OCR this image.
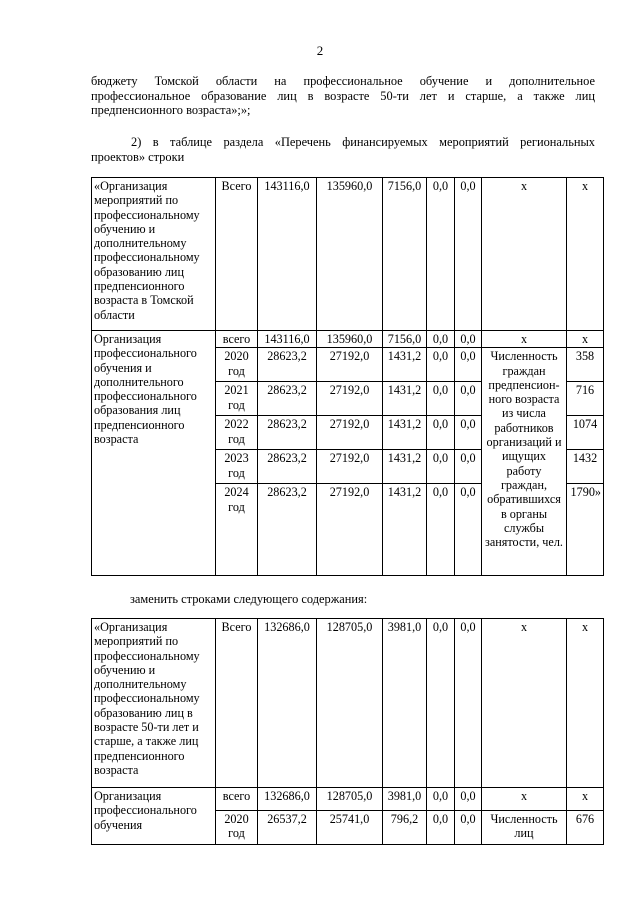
2
бюджету Томской области на профессиональное обучение и дополнительное
профессиональное образование лиц в возрасте 50-ти лет и старше, а также лиц
предпенсионного возраста»;»;
2) в таблице раздела «Перечень финансируемых мероприятий региональных
проектов» строки
«Организация мероприятий по профессиональному обучению и дополнительному профессиональному образованию лиц предпенсионного возраста в Томской области	Всего	143116,0	135960,0	7156,0	0,0	0,0	х	х
Организация профессионального обучения и дополнительного профессионального образования лиц предпенсионного возраста	всего	143116,0	135960,0	7156,0	0,0	0,0	х	х
	2020 год	28623,2	27192,0	1431,2	0,0	0,0	Численность граждан предпенсион-ного возраста из числа работников организаций и ищущих работу граждан, обратившихся в органы службы занятости, чел.	358
	2021 год	28623,2	27192,0	1431,2	0,0	0,0		716
	2022 год	28623,2	27192,0	1431,2	0,0	0,0		1074
	2023 год	28623,2	27192,0	1431,2	0,0	0,0		1432
	2024 год	28623,2	27192,0	1431,2	0,0	0,0		1790»
заменить строками следующего содержания:
«Организация мероприятий по профессиональному обучению и дополнительному профессиональному образованию лиц в возрасте 50-ти лет и старше, а также лиц предпенсионного возраста	Всего	132686,0	128705,0	3981,0	0,0	0,0	х	х
Организация профессионального обучения	всего	132686,0	128705,0	3981,0	0,0	0,0	х	х
	2020 год	26537,2	25741,0	796,2	0,0	0,0	Численность лиц	676
